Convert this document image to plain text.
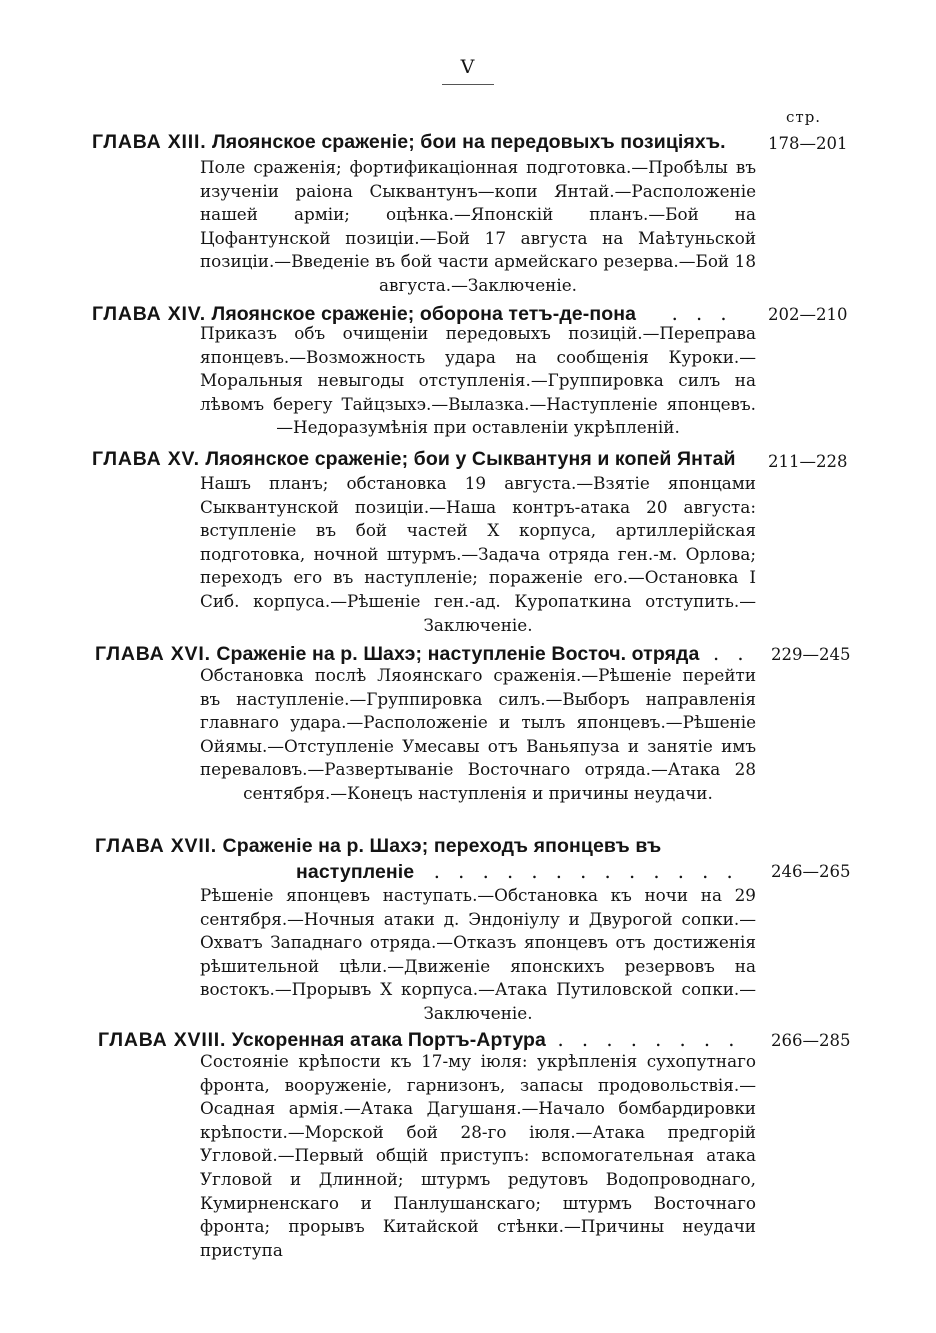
V
стр.
ГЛАВА XIII. Ляоянское сраженіе; бои на передовыхъ позиціяхъ.	178—201
Поле сраженія; фортификаціонная подготовка.—Пробѣлы въ изученіи раіона Сыквантунъ—копи Янтай.—Расположеніе нашей арміи; оцѣнка.—Японскій планъ.—Бой на Цофантунской позиціи.—Бой 17 августа на Маѣтуньской позиціи.—Введеніе въ бой части армейскаго резерва.—Бой 18 августа.—Заключеніе.
ГЛАВА XIV. Ляоянское сраженіе; оборона тетъ-де-пона . . . 202—210
Приказъ объ очищеніи передовыхъ позицій.—Переправа японцевъ.—Возможность удара на сообщенія Куроки.—Моральныя невыгоды отступленія.—Группировка силъ на лѣвомъ берегу Тайцзыхэ.—Вылазка.—Наступленіе японцевъ.—Недоразумѣнія при оставленіи укрѣпленій.
ГЛАВА XV. Ляоянское сраженіе; бои у Сыквантуня и копей Янтай 211—228
Нашъ планъ; обстановка 19 августа.—Взятіе японцами Сыквантунской позиціи.—Наша контръ-атака 20 августа: вступленіе въ бой частей X корпуса, артиллерійская подготовка, ночной штурмъ.—Задача отряда ген.-м. Орлова; переходъ его въ наступленіе; пораженіе его.—Остановка I Сиб. корпуса.—Рѣшеніе ген.-ад. Куропаткина отступить.—Заключеніе.
ГЛАВА XVI. Сраженіе на р. Шахэ; наступленіе Восточ. отряда . . 229—245
Обстановка послѣ Ляоянскаго сраженія.—Рѣшеніе перейти въ наступленіе.—Группировка силъ.—Выборъ направленія главнаго удара.—Расположеніе и тылъ японцевъ.—Рѣшеніе Ойямы.—Отступленіе Умесавы отъ Ваньяпуза и занятіе имъ переваловъ.—Развертываніе Восточнаго отряда.—Атака 28 сентября.—Конецъ наступленія и причины неудачи.
ГЛАВА XVII. Сраженіе на р. Шахэ; переходъ японцевъ въ
наступленіе . . . . . . . . . . . . . 246—265
Рѣшеніе японцевъ наступать.—Обстановка къ ночи на 29 сентября.—Ночныя атаки д. Эндоніулу и Двурогой сопки.—Охватъ Западнаго отряда.—Отказъ японцевъ отъ достиженія рѣшительной цѣли.—Движеніе японскихъ резервовъ на востокъ.—Прорывъ X корпуса.—Атака Путиловской сопки.—Заключеніе.
ГЛАВА XVIII. Ускоренная атака Портъ-Артура . . . . . . . . 266—285
Состояніе крѣпости къ 17-му іюля: укрѣпленія сухопутнаго фронта, вооруженіе, гарнизонъ, запасы продовольствія.—Осадная армія.—Атака Дагушаня.—Начало бомбардировки крѣпости.—Морской бой 28-го іюля.—Атака предгорій Угловой.—Первый общій приступъ: вспомогательная атака Угловой и Длинной; штурмъ редутовъ Водопроводнаго, Кумирненскаго и Панлушанскаго; штурмъ Восточнаго фронта; прорывъ Китайской стѣнки.—Причины неудачи приступа
